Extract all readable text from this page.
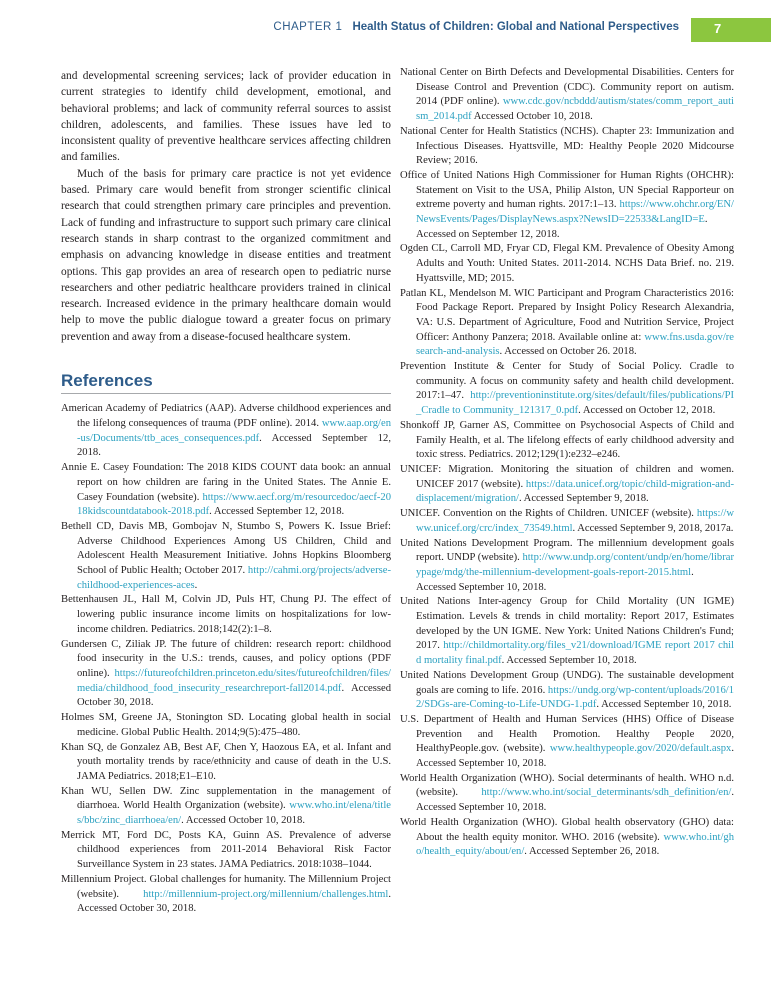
CHAPTER 1 Health Status of Children: Global and National Perspectives	7

and developmental screening services; lack of provider education in current strategies to identify child development, emotional, and behavioral problems; and lack of community referral sources to assist children, adolescents, and families. These issues have led to inconsistent quality of preventive healthcare services affecting children and families.

Much of the basis for primary care practice is not yet evidence based. Primary care would benefit from stronger scientific clinical research that could strengthen primary care principles and prevention. Lack of funding and infrastructure to support such primary care clinical research stands in sharp contrast to the organized commitment and emphasis on advancing knowledge in disease entities and treatment options. This gap provides an area of research open to pediatric nurse researchers and other pediatric healthcare providers trained in clinical research. Increased evidence in the primary healthcare domain would help to move the public dialogue toward a greater focus on primary prevention and away from a disease-focused healthcare system.

References

American Academy of Pediatrics (AAP). Adverse childhood experiences and the lifelong consequences of trauma (PDF online). 2014. www.aap.org/en-us/Documents/ttb_aces_consequences.pdf. Accessed September 12, 2018.

Annie E. Casey Foundation: The 2018 KIDS COUNT data book: an annual report on how children are faring in the United States. The Annie E. Casey Foundation (website). https://www.aecf.org/m/resourcedoc/aecf-2018kidscountdatabook-2018.pdf. Accessed September 12, 2018.

Bethell CD, Davis MB, Gombojav N, Stumbo S, Powers K. Issue Brief: Adverse Childhood Experiences Among US Children, Child and Adolescent Health Measurement Initiative. Johns Hopkins Bloomberg School of Public Health; October 2017. http://cahmi.org/projects/adverse-childhood-experiences-aces.

Bettenhausen JL, Hall M, Colvin JD, Puls HT, Chung PJ. The effect of lowering public insurance income limits on hospitalizations for low-income children. Pediatrics. 2018;142(2):1–8.

Gundersen C, Ziliak JP. The future of children: research report: childhood food insecurity in the U.S.: trends, causes, and policy options (PDF online). https://futureofchildren.princeton.edu/sites/futureofchildren/files/media/childhood_food_insecurity_researchreport-fall2014.pdf. Accessed October 30, 2018.

Holmes SM, Greene JA, Stonington SD. Locating global health in social medicine. Global Public Health. 2014;9(5):475–480.

Khan SQ, de Gonzalez AB, Best AF, Chen Y, Haozous EA, et al. Infant and youth mortality trends by race/ethnicity and cause of death in the U.S. JAMA Pediatrics. 2018;E1–E10.

Khan WU, Sellen DW. Zinc supplementation in the management of diarrhoea. World Health Organization (website). www.who.int/elena/titles/bbc/zinc_diarrhoea/en/. Accessed October 10, 2018.

Merrick MT, Ford DC, Posts KA, Guinn AS. Prevalence of adverse childhood experiences from 2011-2014 Behavioral Risk Factor Surveillance System in 23 states. JAMA Pediatrics. 2018:1038–1044.

Millennium Project. Global challenges for humanity. The Millennium Project (website). http://millennium-project.org/millennium/challenges.html. Accessed October 30, 2018.

National Center on Birth Defects and Developmental Disabilities. Centers for Disease Control and Prevention (CDC). Community report on autism. 2014 (PDF online). www.cdc.gov/ncbddd/autism/states/comm_report_autism_2014.pdf Accessed October 10, 2018.

National Center for Health Statistics (NCHS). Chapter 23: Immunization and Infectious Diseases. Hyattsville, MD: Healthy People 2020 Midcourse Review; 2016.

Office of United Nations High Commissioner for Human Rights (OHCHR): Statement on Visit to the USA, Philip Alston, UN Special Rapporteur on extreme poverty and human rights. 2017:1–13. https://www.ohchr.org/EN/NewsEvents/Pages/DisplayNews.aspx?NewsID=22533&LangID=E. Accessed on September 12, 2018.

Ogden CL, Carroll MD, Fryar CD, Flegal KM. Prevalence of Obesity Among Adults and Youth: United States. 2011-2014. NCHS Data Brief. no. 219. Hyattsville, MD; 2015.

Patlan KL, Mendelson M. WIC Participant and Program Characteristics 2016: Food Package Report. Prepared by Insight Policy Research Alexandria, VA: U.S. Department of Agriculture, Food and Nutrition Service, Project Officer: Anthony Panzera; 2018. Available online at: www.fns.usda.gov/research-and-analysis. Accessed on October 26. 2018.

Prevention Institute & Center for Study of Social Policy. Cradle to community. A focus on community safety and health child development. 2017:1–47. http://preventioninstitute.org/sites/default/files/publications/PI_Cradle to Community_121317_0.pdf. Accessed on October 12, 2018.

Shonkoff JP, Garner AS, Committee on Psychosocial Aspects of Child and Family Health, et al. The lifelong effects of early childhood adversity and toxic stress. Pediatrics. 2012;129(1):e232–e246.

UNICEF: Migration. Monitoring the situation of children and women. UNICEF 2017 (website). https://data.unicef.org/topic/child-migration-and-displacement/migration/. Accessed September 9, 2018.

UNICEF. Convention on the Rights of Children. UNICEF (website). https://www.unicef.org/crc/index_73549.html. Accessed September 9, 2018, 2017a.

United Nations Development Program. The millennium development goals report. UNDP (website). http://www.undp.org/content/undp/en/home/librarypage/mdg/the-millennium-development-goals-report-2015.html. Accessed September 10, 2018.

United Nations Inter-agency Group for Child Mortality (UN IGME) Estimation. Levels & trends in child mortality: Report 2017, Estimates developed by the UN IGME. New York: United Nations Children's Fund; 2017. http://childmortality.org/files_v21/download/IGME report 2017 child mortality final.pdf. Accessed September 10, 2018.

United Nations Development Group (UNDG). The sustainable development goals are coming to life. 2016. https://undg.org/wp-content/uploads/2016/12/SDGs-are-Coming-to-Life-UNDG-1.pdf. Accessed September 10, 2018.

U.S. Department of Health and Human Services (HHS) Office of Disease Prevention and Health Promotion. Healthy People 2020, HealthyPeople.gov. (website). www.healthypeople.gov/2020/default.aspx. Accessed September 10, 2018.

World Health Organization (WHO). Social determinants of health. WHO n.d.(website). http://www.who.int/social_determinants/sdh_definition/en/. Accessed September 10, 2018.

World Health Organization (WHO). Global health observatory (GHO) data: About the health equity monitor. WHO. 2016 (website). www.who.int/gho/health_equity/about/en/. Accessed September 26, 2018.
